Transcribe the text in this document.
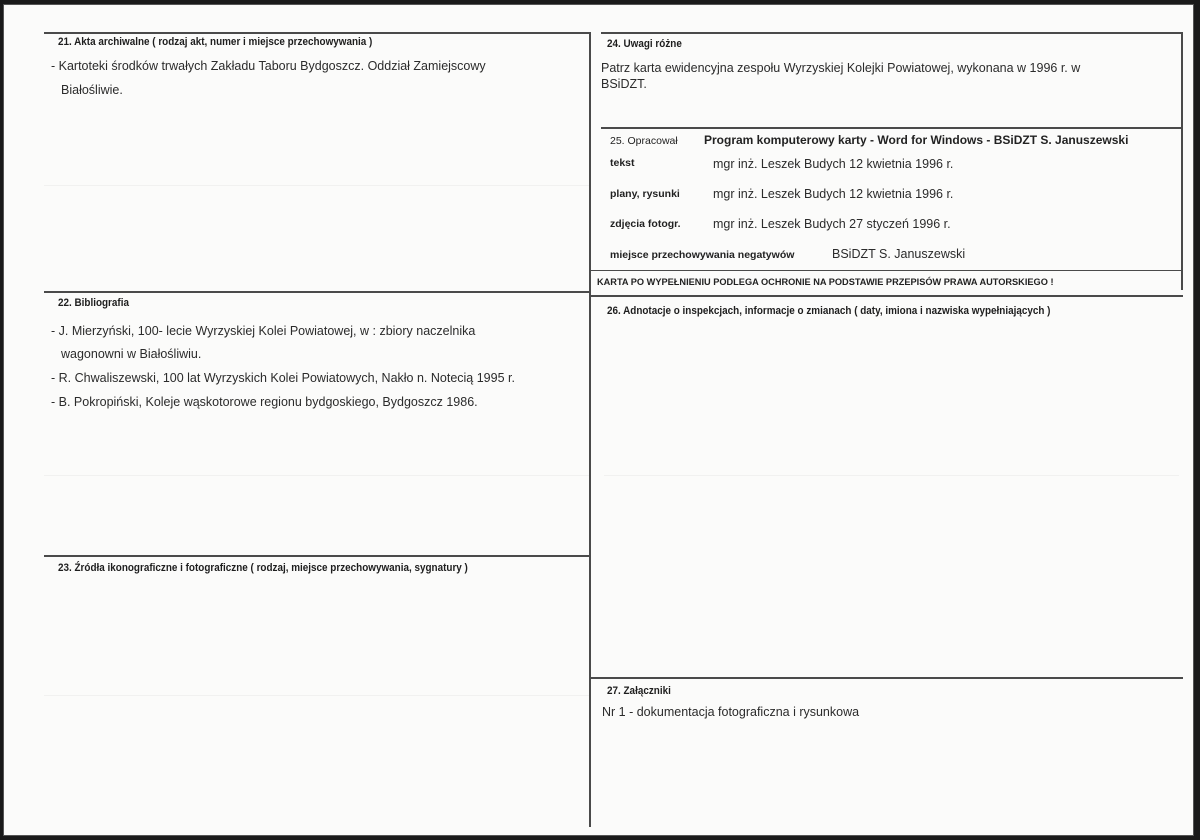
21. Akta archiwalne ( rodzaj akt, numer i miejsce przechowywania )
- Kartoteki środków trwałych Zakładu Taboru Bydgoszcz. Oddział Zamiejscowy
Białośliwie.
22. Bibliografia
- J. Mierzyński, 100- lecie Wyrzyskiej Kolei Powiatowej, w : zbiory naczelnika
wagonowni w Białośliwiu.
- R. Chwaliszewski, 100 lat Wyrzyskich Kolei Powiatowych, Nakło n. Notecią 1995 r.
- B. Pokropiński, Koleje wąskotorowe regionu bydgoskiego, Bydgoszcz 1986.
23. Źródła ikonograficzne i fotograficzne ( rodzaj, miejsce przechowywania, sygnatury )
24. Uwagi różne
Patrz karta ewidencyjna zespołu Wyrzyskiej Kolejki Powiatowej, wykonana w 1996 r. w
BSiDZT.
25. Opracował Program komputerowy karty - Word for Windows - BSiDZT S. Januszewski
tekst	mgr inż. Leszek Budych 12 kwietnia 1996 r.
plany, rysunki	mgr inż. Leszek Budych 12 kwietnia 1996 r.
zdjęcia fotogr.	mgr inż. Leszek Budych 27 styczeń 1996 r.
miejsce przechowywania negatywów	BSiDZT S. Januszewski
KARTA PO WYPEŁNIENIU PODLEGA OCHRONIE NA PODSTAWIE PRZEPISÓW PRAWA AUTORSKIEGO !
26. Adnotacje o inspekcjach, informacje o zmianach ( daty, imiona i nazwiska wypełniających )
27. Załączniki
Nr 1 - dokumentacja fotograficzna i rysunkowa
